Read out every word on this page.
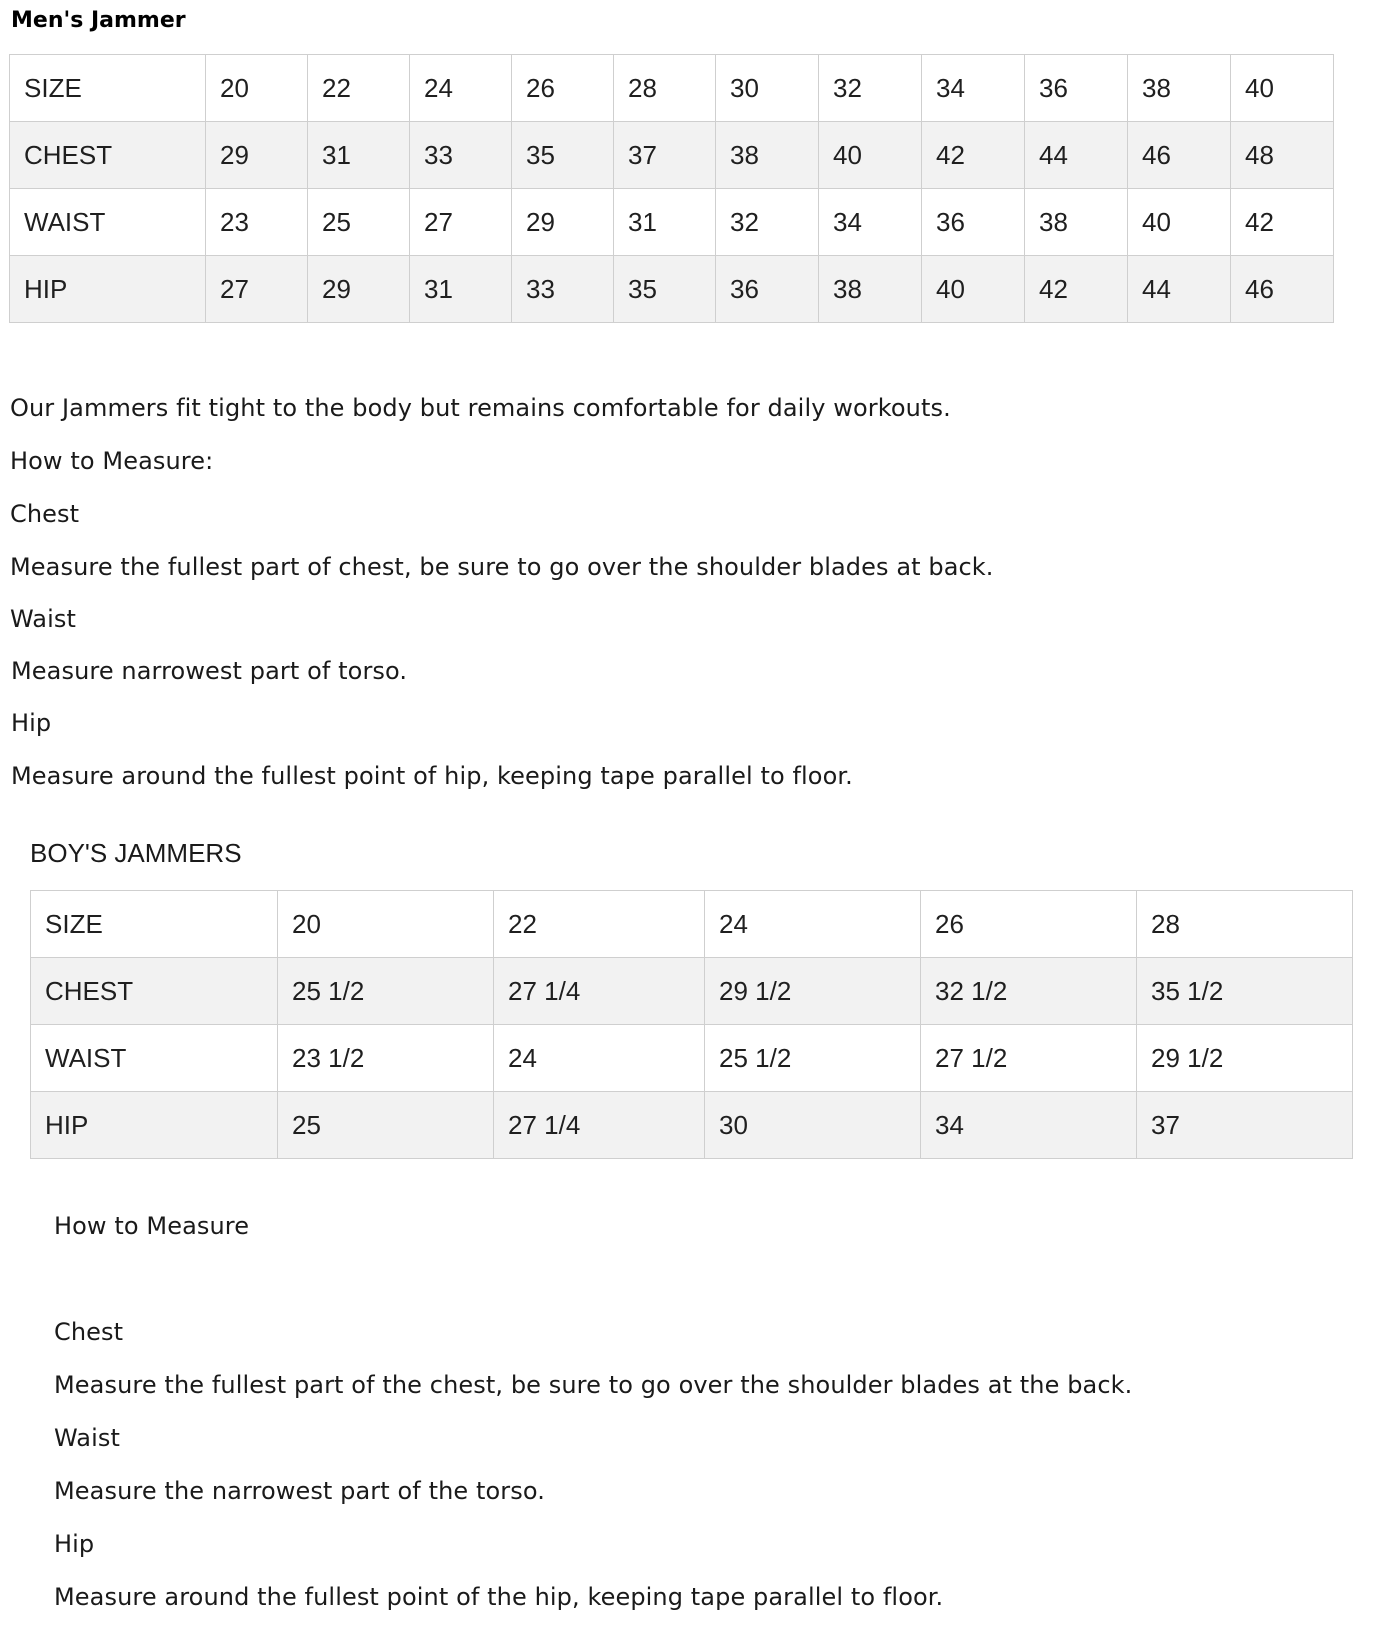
Men's Jammer
SIZE	20	22	24	26	28	30	32	34	36	38	40
CHEST	29	31	33	35	37	38	40	42	44	46	48
WAIST	23	25	27	29	31	32	34	36	38	40	42
HIP	27	29	31	33	35	36	38	40	42	44	46
Our Jammers fit tight to the body but remains comfortable for daily workouts.
How to Measure:
Chest
Measure the fullest part of chest, be sure to go over the shoulder blades at back.
Waist
Measure narrowest part of torso.
Hip
Measure around the fullest point of hip, keeping tape parallel to floor.
BOY'S JAMMERS
SIZE	20	22	24	26	28
CHEST	25 1/2	27 1/4	29 1/2	32 1/2	35 1/2
WAIST	23 1/2	24	25 1/2	27 1/2	29 1/2
HIP	25	27 1/4	30	34	37
How to Measure
Chest
Measure the fullest part of the chest, be sure to go over the shoulder blades at the back.
Waist
Measure the narrowest part of the torso.
Hip
Measure around the fullest point of the hip, keeping tape parallel to floor.
